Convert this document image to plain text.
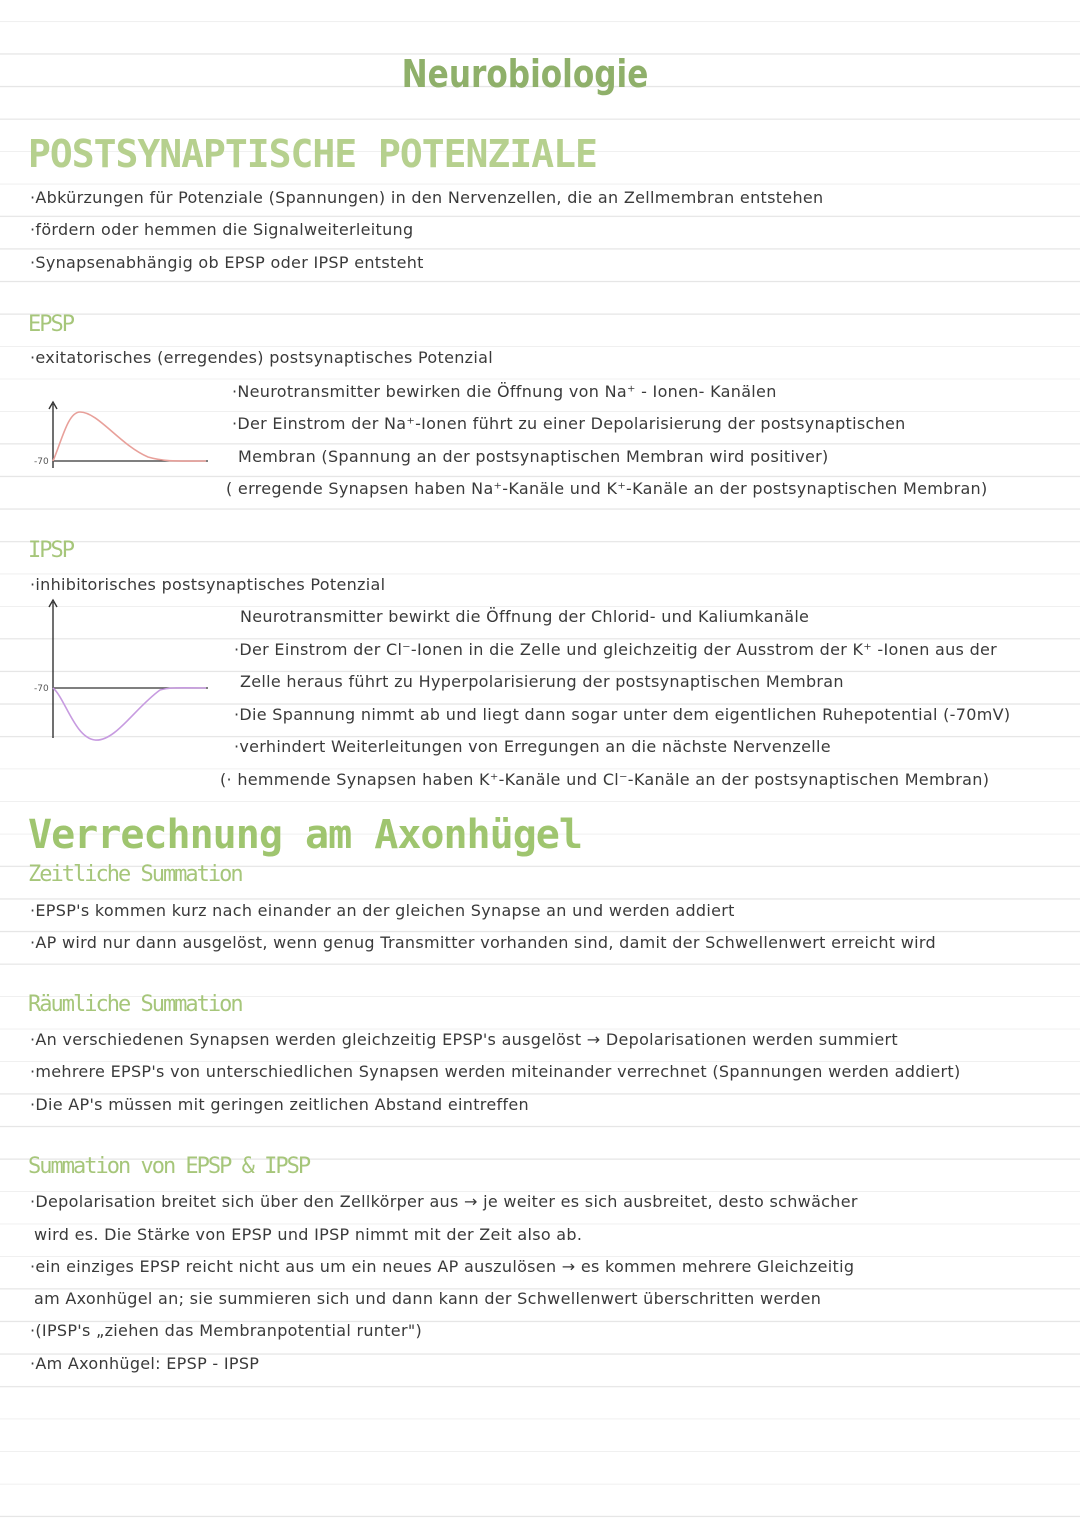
Neurobiologie
POSTSYNAPTISCHE POTENZIALE
·Abkürzungen für Potenziale (Spannungen) in den Nervenzellen, die an Zellmembran entstehen
·fördern oder hemmen die Signalweiterleitung
·Synapsenabhängig ob EPSP oder IPSP entsteht
EPSP
·exitatorisches (erregendes) postsynaptisches Potenzial
-70
·Neurotransmitter bewirken die Öffnung von Na⁺ - Ionen- Kanälen
·Der Einstrom der Na⁺-Ionen führt zu einer Depolarisierung der postsynaptischen
Membran (Spannung an der postsynaptischen Membran wird positiver)
( erregende Synapsen haben Na⁺-Kanäle und K⁺-Kanäle an der postsynaptischen Membran)
IPSP
·inhibitorisches postsynaptisches Potenzial
-70
Neurotransmitter bewirkt die Öffnung der Chlorid- und Kaliumkanäle
·Der Einstrom der Cl⁻-Ionen in die Zelle und gleichzeitig der Ausstrom der K⁺ -Ionen aus der
Zelle heraus führt zu Hyperpolarisierung der postsynaptischen Membran
·Die Spannung nimmt ab und liegt dann sogar unter dem eigentlichen Ruhepotential (-70mV)
·verhindert Weiterleitungen von Erregungen an die nächste Nervenzelle
(· hemmende Synapsen haben K⁺-Kanäle und Cl⁻-Kanäle an der postsynaptischen Membran)
Verrechnung am Axonhügel
Zeitliche Summation
·EPSP's kommen kurz nach einander an der gleichen Synapse an und werden addiert
·AP wird nur dann ausgelöst, wenn genug Transmitter vorhanden sind, damit der Schwellenwert erreicht wird
Räumliche Summation
·An verschiedenen Synapsen werden gleichzeitig EPSP's ausgelöst → Depolarisationen werden summiert
·mehrere EPSP's von unterschiedlichen Synapsen werden miteinander verrechnet (Spannungen werden addiert)
·Die AP's müssen mit geringen zeitlichen Abstand eintreffen
Summation von EPSP & IPSP
·Depolarisation breitet sich über den Zellkörper aus → je weiter es sich ausbreitet, desto schwächer
wird es. Die Stärke von EPSP und IPSP nimmt mit der Zeit also ab.
·ein einziges EPSP reicht nicht aus um ein neues AP auszulösen → es kommen mehrere Gleichzeitig
am Axonhügel an; sie summieren sich und dann kann der Schwellenwert überschritten werden
·(IPSP's „ziehen das Membranpotential runter")
·Am Axonhügel: EPSP - IPSP
